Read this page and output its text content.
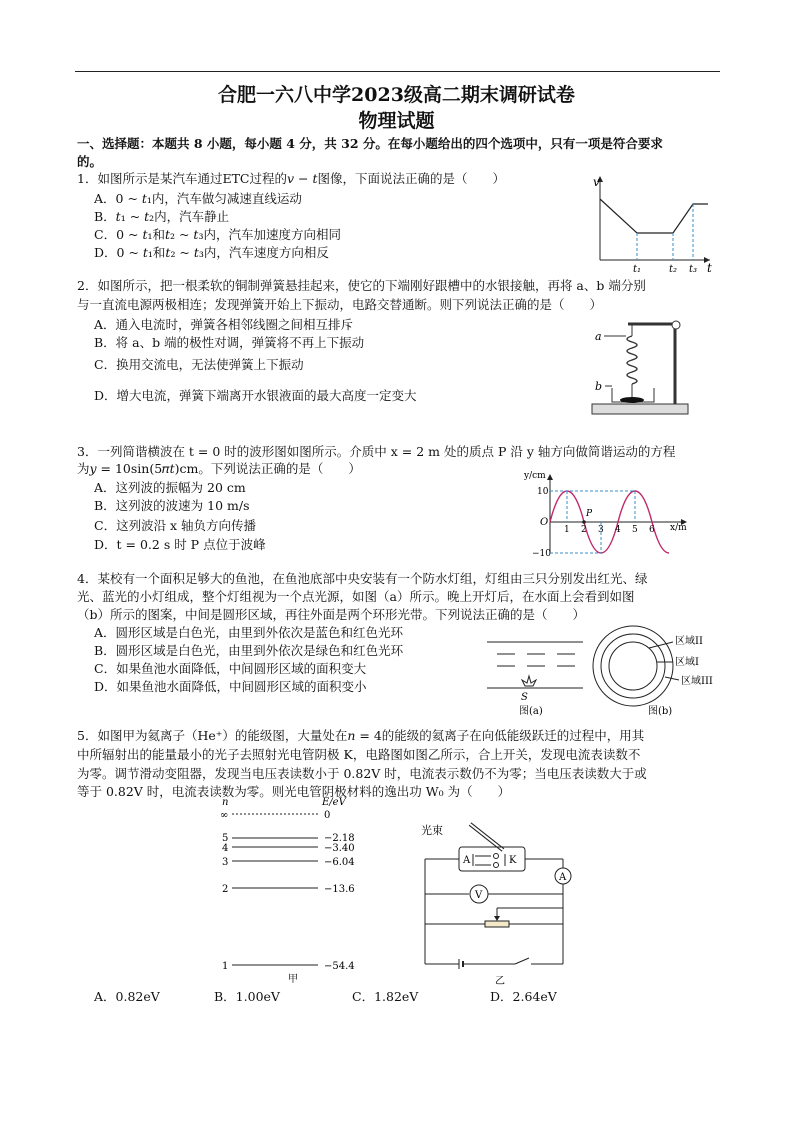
合肥一六八中学2023级高二期末调研试卷
物理试题
一、选择题：本题共 8 小题，每小题 4 分，共 32 分。在每小题给出的四个选项中，只有一项是符合要求
的。
1．如图所示是某汽车通过ETC过程的𝑣 − 𝑡图像，下面说法正确的是（　　）
A．0 ~ 𝑡₁内，汽车做匀减速直线运动
B．𝑡₁ ~ 𝑡₂内，汽车静止
C．0 ~ 𝑡₁和𝑡₂ ~ 𝑡₃内，汽车加速度方向相同
D．0 ~ 𝑡₁和𝑡₂ ~ 𝑡₃内，汽车速度方向相反
v
t
t₁	t₂ t₃
2．如图所示，把一根柔软的铜制弹簧悬挂起来，使它的下端刚好跟槽中的水银接触，再将 a、b 端分别
与一直流电源两极相连；发现弹簧开始上下振动，电路交替通断。则下列说法正确的是（　　）
A．通入电流时，弹簧各相邻线圈之间相互排斥
B．将 a、b 端的极性对调，弹簧将不再上下振动
C．换用交流电，无法使弹簧上下振动
D．增大电流，弹簧下端离开水银液面的最大高度一定变大
a
b
3．一列简谐横波在 t = 0 时的波形图如图所示。介质中 x = 2 m 处的质点 P 沿 y 轴方向做简谐运动的方程
为𝑦 = 10sin(5𝜋𝑡)cm。下列说法正确的是（　　）
A．这列波的振幅为 20 cm
B．这列波的波速为 10 m/s
C．这列波沿 x 轴负方向传播
D．t = 0.2 s 时 P 点位于波峰
y/cm
x/m
O
10
−10
P
1 2 3 4 5 6
4．某校有一个面积足够大的鱼池，在鱼池底部中央安装有一个防水灯组，灯组由三只分别发出红光、绿
光、蓝光的小灯组成，整个灯组视为一个点光源，如图（a）所示。晚上开灯后，在水面上会看到如图
（b）所示的图案，中间是圆形区域，再往外面是两个环形光带。下列说法正确的是（　　）
A．圆形区域是白色光，由里到外依次是蓝色和红色光环
B．圆形区域是白色光，由里到外依次是绿色和红色光环
C．如果鱼池水面降低，中间圆形区域的面积变大
D．如果鱼池水面降低，中间圆形区域的面积变小
S
图(a)
区域II
区域I
区域III
图(b)
5．如图甲为氦离子（He⁺）的能级图，大量处在𝑛 = 4的能级的氦离子在向低能级跃迁的过程中，用其
中所辐射出的能量最小的光子去照射光电管阴极 K，电路图如图乙所示，合上开关，发现电流表读数不
为零。调节滑动变阻器，发现当电压表读数小于 0.82V 时，电流表示数仍不为零；当电压表读数大于或
等于 0.82V 时，电流表读数为零。则光电管阴极材料的逸出功 W₀ 为（　　）
n	E/eV
∞	0
5	−2.18
4	−3.40
3	−6.04
2	−13.6
1	−54.4
甲
光束
A	K
A
V
乙
A．0.82eV	B．1.00eV	C．1.82eV	D．2.64eV
